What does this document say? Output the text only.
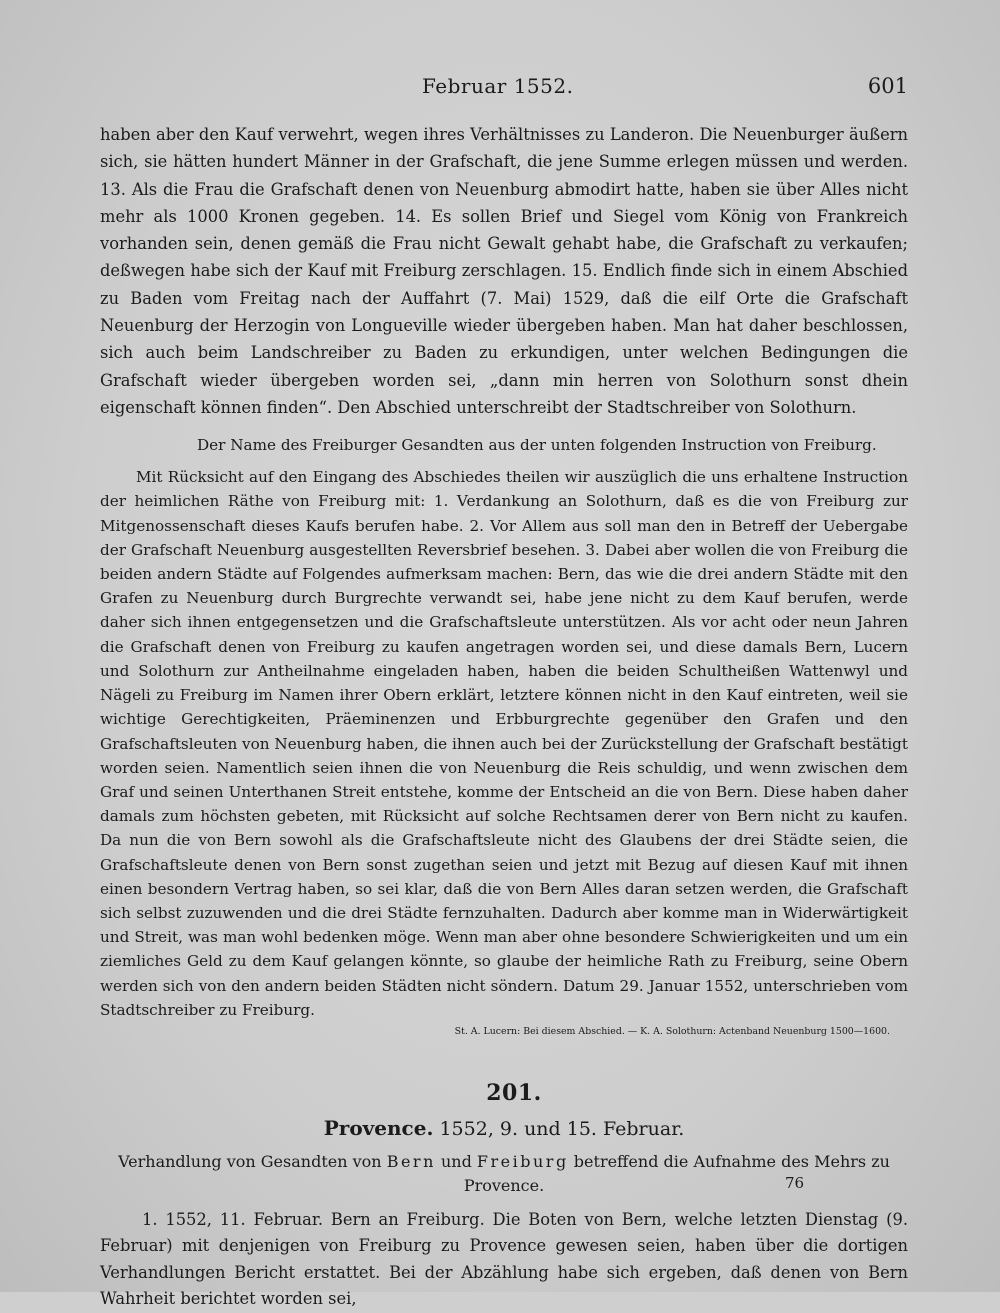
Februar 1552.	601

haben aber den Kauf verwehrt, wegen ihres Verhältnisses zu Landeron. Die Neuenburger äußern sich, sie hätten hundert Männer in der Grafschaft, die jene Summe erlegen müssen und werden. 13. Als die Frau die Grafschaft denen von Neuenburg abmodirt hatte, haben sie über Alles nicht mehr als 1000 Kronen gegeben. 14. Es sollen Brief und Siegel vom König von Frankreich vorhanden sein, denen gemäß die Frau nicht Gewalt gehabt habe, die Grafschaft zu verkaufen; deßwegen habe sich der Kauf mit Freiburg zerschlagen. 15. Endlich finde sich in einem Abschied zu Baden vom Freitag nach der Auffahrt (7. Mai) 1529, daß die eilf Orte die Grafschaft Neuenburg der Herzogin von Longueville wieder übergeben haben. Man hat daher beschlossen, sich auch beim Landschreiber zu Baden zu erkundigen, unter welchen Bedingungen die Grafschaft wieder übergeben worden sei, „dann min herren von Solothurn sonst dhein eigenschaft können finden“. Den Abschied unterschreibt der Stadtschreiber von Solothurn.

Der Name des Freiburger Gesandten aus der unten folgenden Instruction von Freiburg.

Mit Rücksicht auf den Eingang des Abschiedes theilen wir auszüglich die uns erhaltene Instruction der heimlichen Räthe von Freiburg mit: 1. Verdankung an Solothurn, daß es die von Freiburg zur Mitgenossenschaft dieses Kaufs berufen habe. 2. Vor Allem aus soll man den in Betreff der Uebergabe der Grafschaft Neuenburg ausgestellten Reversbrief besehen. 3. Dabei aber wollen die von Freiburg die beiden andern Städte auf Folgendes aufmerksam machen: Bern, das wie die drei andern Städte mit den Grafen zu Neuenburg durch Burgrechte verwandt sei, habe jene nicht zu dem Kauf berufen, werde daher sich ihnen entgegensetzen und die Grafschaftsleute unterstützen. Als vor acht oder neun Jahren die Grafschaft denen von Freiburg zu kaufen angetragen worden sei, und diese damals Bern, Lucern und Solothurn zur Antheilnahme eingeladen haben, haben die beiden Schultheißen Wattenwyl und Nägeli zu Freiburg im Namen ihrer Obern erklärt, letztere können nicht in den Kauf eintreten, weil sie wichtige Gerechtigkeiten, Präeminenzen und Erbburgrechte gegenüber den Grafen und den Grafschaftsleuten von Neuenburg haben, die ihnen auch bei der Zurückstellung der Grafschaft bestätigt worden seien. Namentlich seien ihnen die von Neuenburg die Reis schuldig, und wenn zwischen dem Graf und seinen Unterthanen Streit entstehe, komme der Entscheid an die von Bern. Diese haben daher damals zum höchsten gebeten, mit Rücksicht auf solche Rechtsamen derer von Bern nicht zu kaufen. Da nun die von Bern sowohl als die Grafschaftsleute nicht des Glaubens der drei Städte seien, die Grafschaftsleute denen von Bern sonst zugethan seien und jetzt mit Bezug auf diesen Kauf mit ihnen einen besondern Vertrag haben, so sei klar, daß die von Bern Alles daran setzen werden, die Grafschaft sich selbst zuzuwenden und die drei Städte fernzuhalten. Dadurch aber komme man in Widerwärtigkeit und Streit, was man wohl bedenken möge. Wenn man aber ohne besondere Schwierigkeiten und um ein ziemliches Geld zu dem Kauf gelangen könnte, so glaube der heimliche Rath zu Freiburg, seine Obern werden sich von den andern beiden Städten nicht söndern. Datum 29. Januar 1552, unterschrieben vom Stadtschreiber zu Freiburg.

St. A. Lucern: Bei diesem Abschied. — K. A. Solothurn: Actenband Neuenburg 1500—1600.
201.
Provence. 1552, 9. und 15. Februar.
Verhandlung von Gesandten von Bern und Freiburg betreffend die Aufnahme des Mehrs zu Provence.

1. 1552, 11. Februar. Bern an Freiburg. Die Boten von Bern, welche letzten Dienstag (9. Februar) mit denjenigen von Freiburg zu Provence gewesen seien, haben über die dortigen Verhandlungen Bericht erstattet. Bei der Abzählung habe sich ergeben, daß denen von Bern Wahrheit berichtet worden sei,

76
